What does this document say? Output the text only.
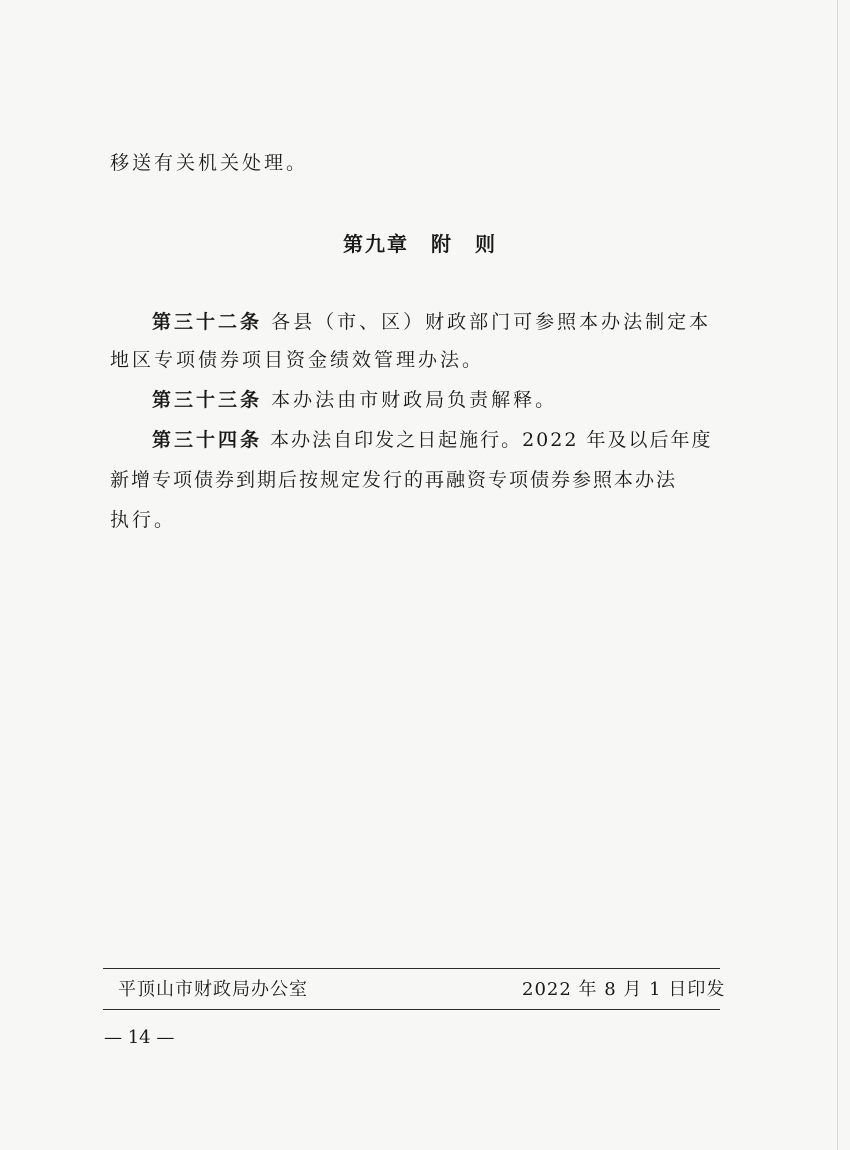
移送有关机关处理。
第九章　附　则
第三十二条 各县（市、区）财政部门可参照本办法制定本
地区专项债券项目资金绩效管理办法。
第三十三条 本办法由市财政局负责解释。
第三十四条 本办法自印发之日起施行。2022 年及以后年度
新增专项债券到期后按规定发行的再融资专项债券参照本办法
执行。
平顶山市财政局办公室	2022 年 8 月 1 日印发
— 14 —
